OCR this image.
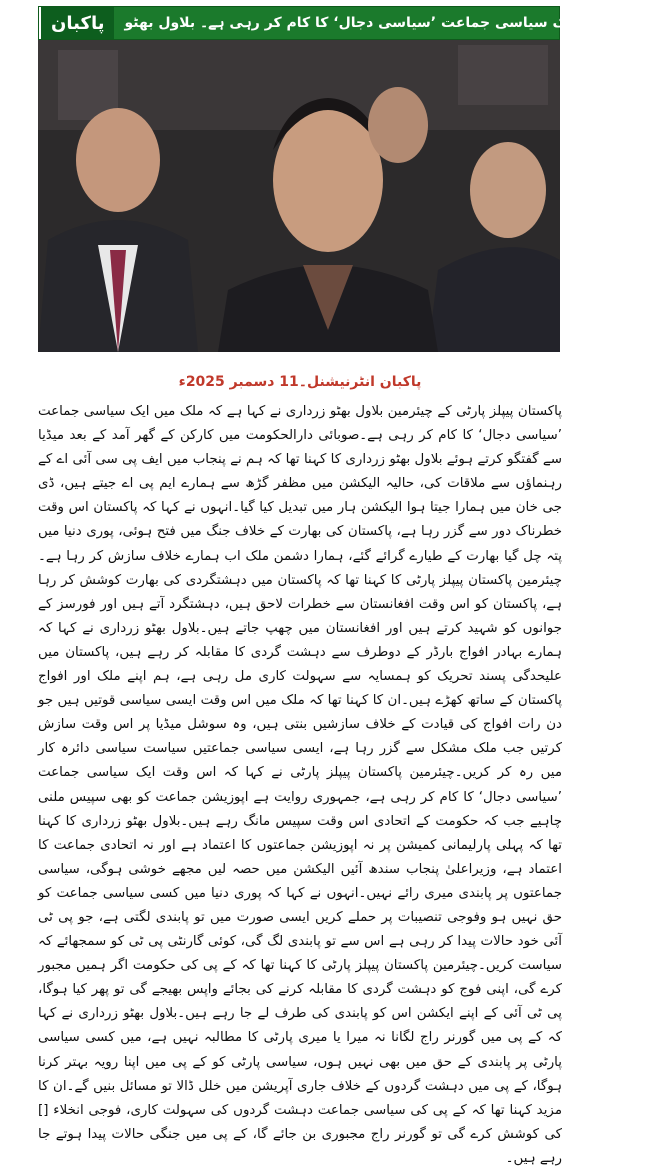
پاکبان	ملک میں ایک سیاسی جماعت ’سیاسی دجال‘ کا کام کر رہی ہے۔ بلاول بھٹو
پاکبان انٹرنیشنل۔11 دسمبر 2025ء

پاکستان پیپلز پارٹی کے چیئرمین بلاول بھٹو زرداری نے کہا ہے کہ ملک میں ایک سیاسی جماعت ’سیاسی دجال‘ کا کام کر رہی ہے۔صوبائی دارالحکومت میں کارکن کے گھر آمد کے بعد میڈیا سے گفتگو کرتے ہوئے بلاول بھٹو زرداری کا کہنا تھا کہ ہم نے پنجاب میں ایف پی سی آئی اے کے رہنماؤں سے ملاقات کی، حالیہ الیکشن میں مظفر گڑھ سے ہمارے ایم پی اے جیتے ہیں، ڈی جی خان میں ہمارا جیتا ہوا الیکشن ہار میں تبدیل کیا گیا۔انہوں نے کہا کہ پاکستان اس وقت خطرناک دور سے گزر رہا ہے، پاکستان کی بھارت کے خلاف جنگ میں فتح ہوئی، پوری دنیا میں پتہ چل گیا بھارت کے طیارے گرائے گئے، ہمارا دشمن ملک اب ہمارے خلاف سازش کر رہا ہے۔چیئرمین پاکستان پیپلز پارٹی کا کہنا تھا کہ پاکستان میں دہشتگردی کی بھارت کوشش کر رہا ہے، پاکستان کو اس وقت افغانستان سے خطرات لاحق ہیں، دہشتگرد آتے ہیں اور فورسز کے جوانوں کو شہید کرتے ہیں اور افغانستان میں چھپ جاتے ہیں۔بلاول بھٹو زرداری نے کہا کہ ہمارے بہادر افواج بارڈر کے دوطرف سے دہشت گردی کا مقابلہ کر رہے ہیں، پاکستان میں علیحدگی پسند تحریک کو ہمسایہ سے سہولت کاری مل رہی ہے، ہم اپنے ملک اور افواج پاکستان کے ساتھ کھڑے ہیں۔ان کا کہنا تھا کہ ملک میں اس وقت ایسی سیاسی قوتیں ہیں جو دن رات افواج کی قیادت کے خلاف سازشیں بنتی ہیں، وہ سوشل میڈیا پر اس وقت سازش کرتیں جب ملک مشکل سے گزر رہا ہے، ایسی سیاسی جماعتیں سیاست سیاسی دائرہ کار میں رہ کر کریں۔چیئرمین پاکستان پیپلز پارٹی نے کہا کہ اس وقت ایک سیاسی جماعت ’سیاسی دجال‘ کا کام کر رہی ہے، جمہوری روایت ہے اپوزیشن جماعت کو بھی سپیس ملنی چاہیے جب کہ حکومت کے اتحادی اس وقت سپیس مانگ رہے ہیں۔بلاول بھٹو زرداری کا کہنا تھا کہ پہلی پارلیمانی کمیشن پر نہ اپوزیشن جماعتوں کا اعتماد ہے اور نہ اتحادی جماعت کا اعتماد ہے، وزیراعلیٰ پنجاب سندھ آئیں الیکشن میں حصہ لیں مجھے خوشی ہوگی، سیاسی جماعتوں پر پابندی میری رائے نہیں۔انہوں نے کہا کہ پوری دنیا میں کسی سیاسی جماعت کو حق نہیں ہو وفوجی تنصیبات پر حملے کریں ایسی صورت میں تو پابندی لگتی ہے، جو پی ٹی آئی خود حالات پیدا کر رہی ہے اس سے تو پابندی لگ گی، کوئی گارنٹی پی ٹی کو سمجھائے کہ سیاست کریں۔چیئرمین پاکستان پیپلز پارٹی کا کہنا تھا کہ کے پی کی حکومت اگر ہمیں مجبور کرے گی، اپنی فوج کو دہشت گردی کا مقابلہ کرنے کی بجائے واپس بھیجے گی تو پھر کیا ہوگا، پی ٹی آئی کے اپنے ایکشن اس کو پابندی کی طرف لے جا رہے ہیں۔بلاول بھٹو زرداری نے کہا کہ کے پی میں گورنر راج لگانا نہ میرا یا میری پارٹی کا مطالبہ نہیں ہے، میں کسی سیاسی پارٹی پر پابندی کے حق میں بھی نہیں ہوں، سیاسی پارٹی کو کے پی میں اپنا رویہ بہتر کرنا ہوگا، کے پی میں دہشت گردوں کے خلاف جاری آپریشن میں خلل ڈالا تو مسائل بنیں گے۔ان کا مزید کہنا تھا کہ کے پی کی سیاسی جماعت دہشت گردوں کی سہولت کاری، فوجی انخلاء [] کی کوشش کرے گی تو گورنر راج مجبوری بن جائے گا، کے پی میں جنگی حالات پیدا ہوتے جا رہے ہیں۔
